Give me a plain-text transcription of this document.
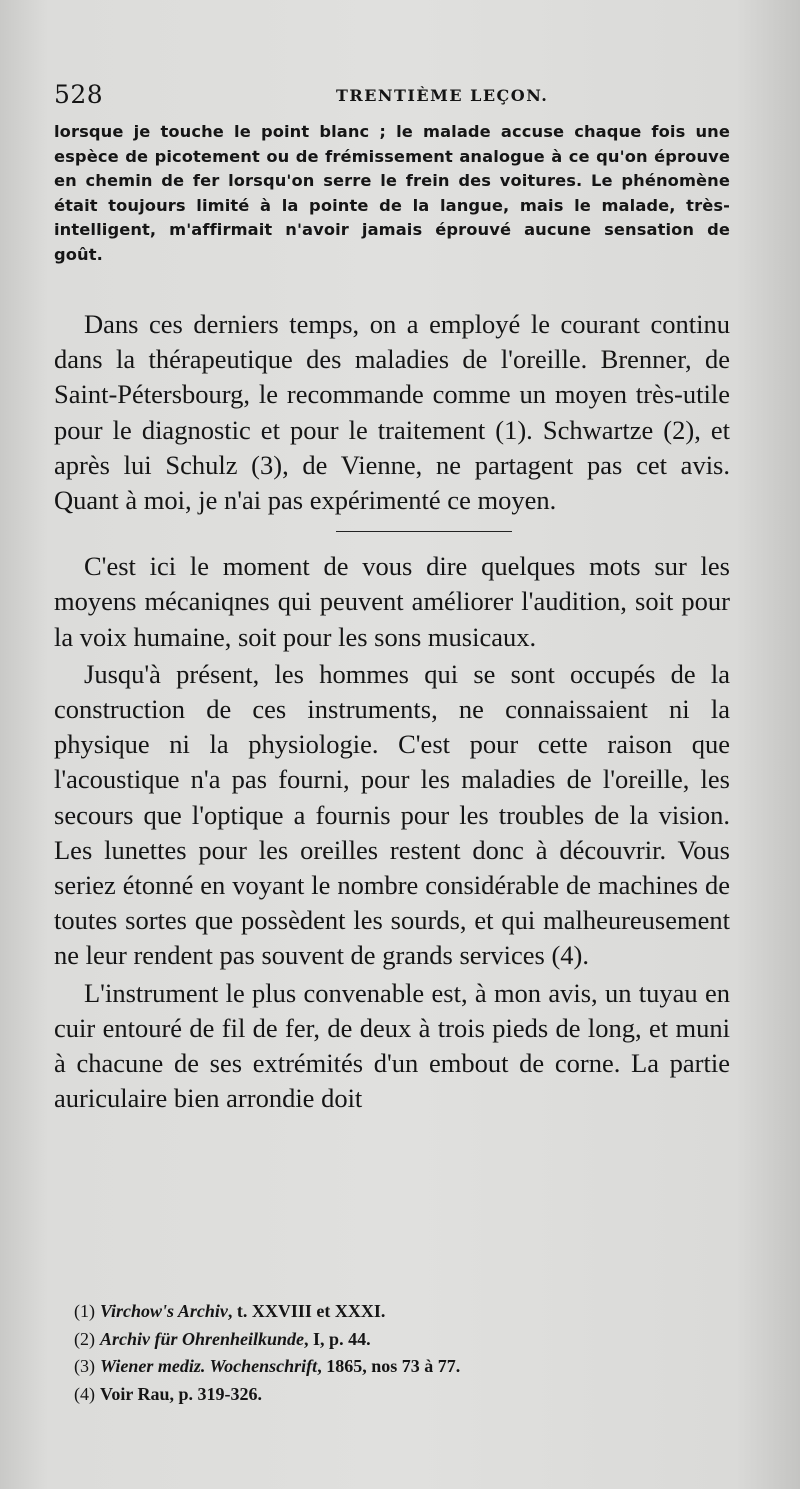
528	TRENTIÈME LEÇON.

lorsque je touche le point blanc ; le malade accuse chaque fois une espèce de picotement ou de frémissement analogue à ce qu'on éprouve en chemin de fer lorsqu'on serre le frein des voitures. Le phénomène était toujours limité à la pointe de la langue, mais le malade, très-intelligent, m'affirmait n'avoir jamais éprouvé aucune sensation de goût.

Dans ces derniers temps, on a employé le courant continu dans la thérapeutique des maladies de l'oreille. Brenner, de Saint-Pétersbourg, le recommande comme un moyen très-utile pour le diagnostic et pour le traitement (1). Schwartze (2), et après lui Schulz (3), de Vienne, ne partagent pas cet avis. Quant à moi, je n'ai pas expérimenté ce moyen.

C'est ici le moment de vous dire quelques mots sur les moyens mécaniqnes qui peuvent améliorer l'audition, soit pour la voix humaine, soit pour les sons musicaux.

Jusqu'à présent, les hommes qui se sont occupés de la construction de ces instruments, ne connaissaient ni la physique ni la physiologie. C'est pour cette raison que l'acoustique n'a pas fourni, pour les maladies de l'oreille, les secours que l'optique a fournis pour les troubles de la vision. Les lunettes pour les oreilles restent donc à découvrir. Vous seriez étonné en voyant le nombre considérable de machines de toutes sortes que possèdent les sourds, et qui malheureusement ne leur rendent pas souvent de grands services (4).

L'instrument le plus convenable est, à mon avis, un tuyau en cuir entouré de fil de fer, de deux à trois pieds de long, et muni à chacune de ses extrémités d'un embout de corne. La partie auriculaire bien arrondie doit

(1) Virchow's Archiv, t. XXVIII et XXXI.

(2) Archiv für Ohrenheilkunde, I, p. 44.

(3) Wiener mediz. Wochenschrift, 1865, nos 73 à 77.

(4) Voir Rau, p. 319-326.
